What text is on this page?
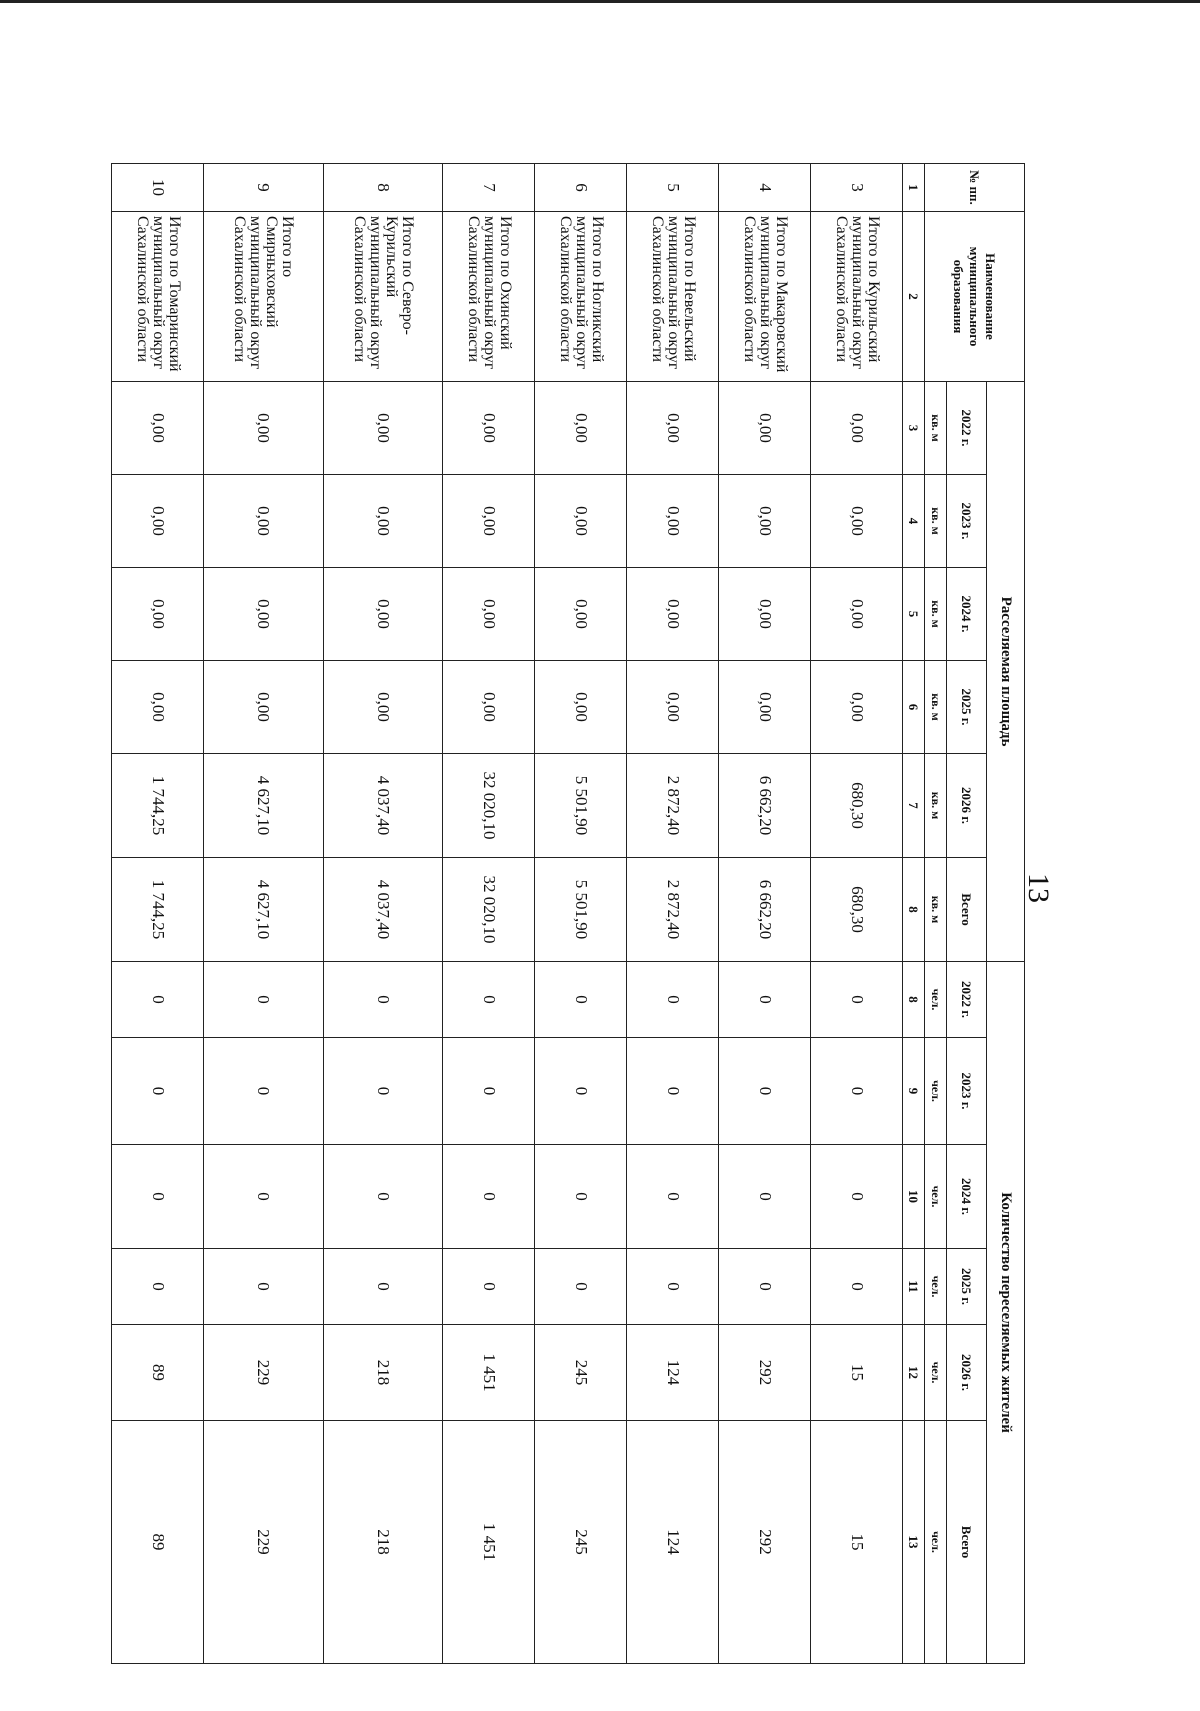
13
№ пп.	Наименование муниципального образования	Расселяемая площадь						Количество переселяемых жителей					
		2022 г.	2023 г.	2024 г.	2025 г.	2026 г.	Всего	2022 г.	2023 г.	2024 г.	2025 г.	2026 г.	Всего
		кв. м	кв. м	кв. м	кв. м	кв. м	кв. м	чел.	чел.	чел.	чел.	чел.	чел.
1	2	3	4	5	6	7	8	8	9	10	11	12	13
3	Итого по Курильский муниципальный округ Сахалинской области	0,00	0,00	0,00	0,00	680,30	680,30	0	0	0	0	15	15
4	Итого по Макаровский муниципальный округ Сахалинской области	0,00	0,00	0,00	0,00	6 662,20	6 662,20	0	0	0	0	292	292
5	Итого по Невельский муниципальный округ Сахалинской области	0,00	0,00	0,00	0,00	2 872,40	2 872,40	0	0	0	0	124	124
6	Итого по Ногликский муниципальный округ Сахалинской области	0,00	0,00	0,00	0,00	5 501,90	5 501,90	0	0	0	0	245	245
7	Итого по Охинский муниципальный округ Сахалинской области	0,00	0,00	0,00	0,00	32 020,10	32 020,10	0	0	0	0	1 451	1 451
8	Итого по Северо-Курильский муниципальный округ Сахалинской области	0,00	0,00	0,00	0,00	4 037,40	4 037,40	0	0	0	0	218	218
9	Итого по Смирныховский муниципальный округ Сахалинской области	0,00	0,00	0,00	0,00	4 627,10	4 627,10	0	0	0	0	229	229
10	Итого по Томаринский муниципальный округ Сахалинской области	0,00	0,00	0,00	0,00	1 744,25	1 744,25	0	0	0	0	89	89
